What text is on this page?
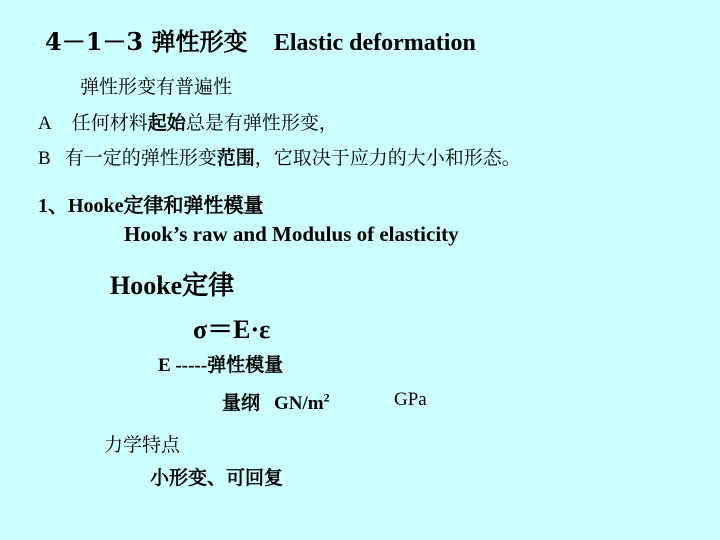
4－1－3 弹性形变 Elastic deformation
弹性形变有普遍性
A 任何材料起始总是有弹性形变，
B 有一定的弹性形变范围，它取决于应力的大小和形态。
1、Hooke定律和弹性模量
Hook’s raw and Modulus of elasticity
Hooke定律
σ＝E·ε
E -----弹性模量
量纲 $GN/m^2$	GPa
力学特点
小形变、可回复
